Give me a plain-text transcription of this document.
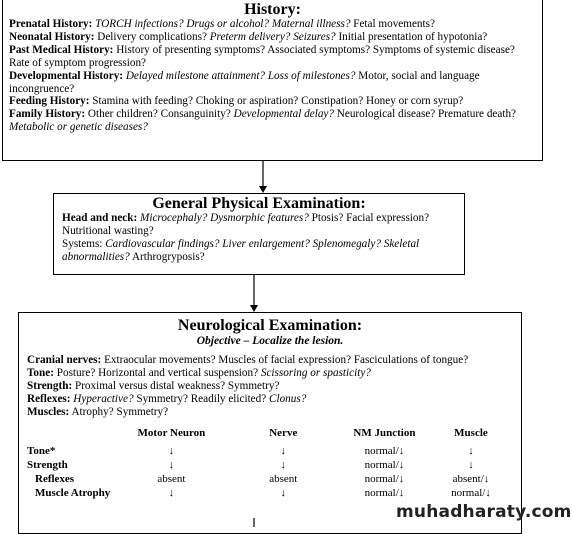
History:

Prenatal History: TORCH infections? Drugs or alcohol? Maternal illness? Fetal movements?

Neonatal History: Delivery complications? Preterm delivery? Seizures? Initial presentation of hypotonia?

Past Medical History: History of presenting symptoms? Associated symptoms? Symptoms of systemic disease? Rate of symptom progression?

Developmental History: Delayed milestone attainment? Loss of milestones? Motor, social and language incongruence?

Feeding History: Stamina with feeding? Choking or aspiration? Constipation? Honey or corn syrup?

Family History: Other children? Consanguinity? Developmental delay? Neurological disease? Premature death? Metabolic or genetic diseases?

General Physical Examination:

Head and neck: Microcephaly? Dysmorphic features? Ptosis? Facial expression? Nutritional wasting?

Systems: Cardiovascular findings? Liver enlargement? Splenomegaly? Skeletal abnormalities? Arthrogryposis?

Neurological Examination:
Objective – Localize the lesion.

Cranial nerves: Extraocular movements? Muscles of facial expression? Fasciculations of tongue?

Tone: Posture? Horizontal and vertical suspension? Scissoring or spasticity?

Strength: Proximal versus distal weakness? Symmetry?

Reflexes: Hyperactive? Symmetry? Readily elicited? Clonus?

Muscles: Atrophy? Symmetry?

	Motor Neuron	Nerve	NM Junction	Muscle

Tone*	↓	↓	normal/↓	↓
Strength	↓	↓	normal/↓	↓
Reflexes	absent	absent	normal/↓	absent/↓
Muscle Atrophy	↓	↓	normal/↓	normal/↓
muhadharaty.com
